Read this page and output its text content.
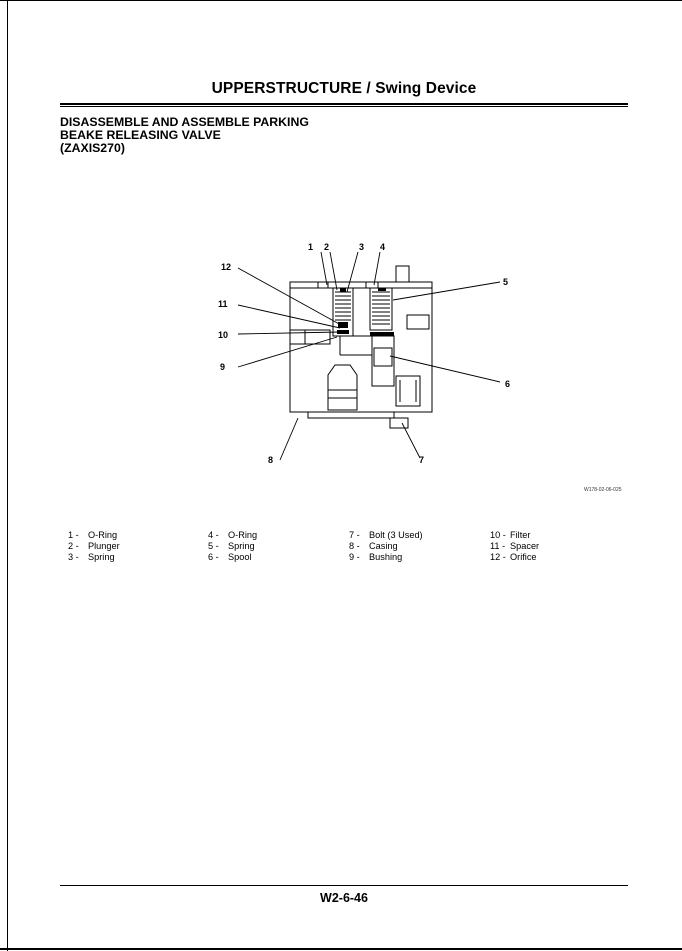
UPPERSTRUCTURE / Swing Device
DISASSEMBLE AND ASSEMBLE PARKING
BEAKE RELEASING VALVE
(ZAXIS270)
1 2	3 4
5
6
7
8
9
10
11
12
W178-02-06-025
1 - O-Ring
2 - Plunger
3 - Spring
4 - O-Ring
5 - Spring
6 - Spool
7 - Bolt (3 Used)
8 - Casing
9 - Bushing
10 - Filter
11 - Spacer
12 - Orifice
W2-6-46
